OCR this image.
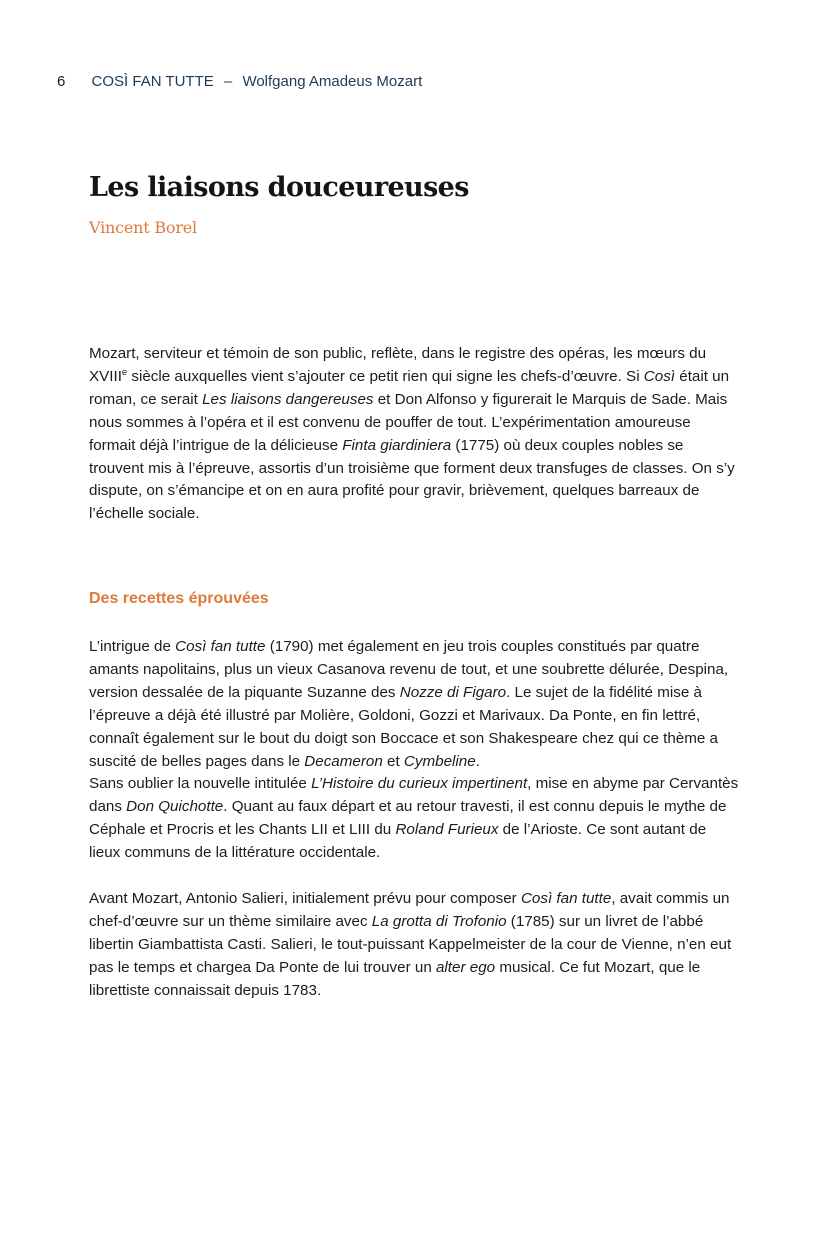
6 COSÌ FAN TUTTE – Wolfgang Amadeus Mozart
Les liaisons douceureuses
Vincent Borel

Mozart, serviteur et témoin de son public, reflète, dans le registre des opéras, les mœurs du XVIIIe siècle auxquelles vient s’ajouter ce petit rien qui signe les chefs-d’œuvre. Si Così était un roman, ce serait Les liaisons dangereuses et Don Alfonso y figurerait le Marquis de Sade. Mais nous sommes à l’opéra et il est convenu de pouffer de tout. L’expérimentation amoureuse formait déjà l’intrigue de la délicieuse Finta giardiniera (1775) où deux couples nobles se trouvent mis à l’épreuve, assortis d’un troisième que forment deux transfuges de classes. On s’y dispute, on s’émancipe et on en aura profité pour gravir, brièvement, quelques barreaux de l’échelle sociale.

Des recettes éprouvées

L’intrigue de Così fan tutte (1790) met également en jeu trois couples constitués par quatre amants napolitains, plus un vieux Casanova revenu de tout, et une soubrette délurée, Despina, version dessalée de la piquante Suzanne des Nozze di Figaro. Le sujet de la fidélité mise à l’épreuve a déjà été illustré par Molière, Goldoni, Gozzi et Marivaux. Da Ponte, en fin lettré, connaît également sur le bout du doigt son Boccace et son Shakespeare chez qui ce thème a suscité de belles pages dans le Decameron et Cymbeline.
Sans oublier la nouvelle intitulée L’Histoire du curieux impertinent, mise en abyme par Cervantès dans Don Quichotte. Quant au faux départ et au retour travesti, il est connu depuis le mythe de Céphale et Procris et les Chants LII et LIII du Roland Furieux de l’Arioste. Ce sont autant de lieux communs de la littérature occidentale.

Avant Mozart, Antonio Salieri, initialement prévu pour composer Così fan tutte, avait commis un chef-d’œuvre sur un thème similaire avec La grotta di Trofonio (1785) sur un livret de l’abbé libertin Giambattista Casti. Salieri, le tout-puissant Kappelmeister de la cour de Vienne, n’en eut pas le temps et chargea Da Ponte de lui trouver un alter ego musical. Ce fut Mozart, que le librettiste connaissait depuis 1783.
